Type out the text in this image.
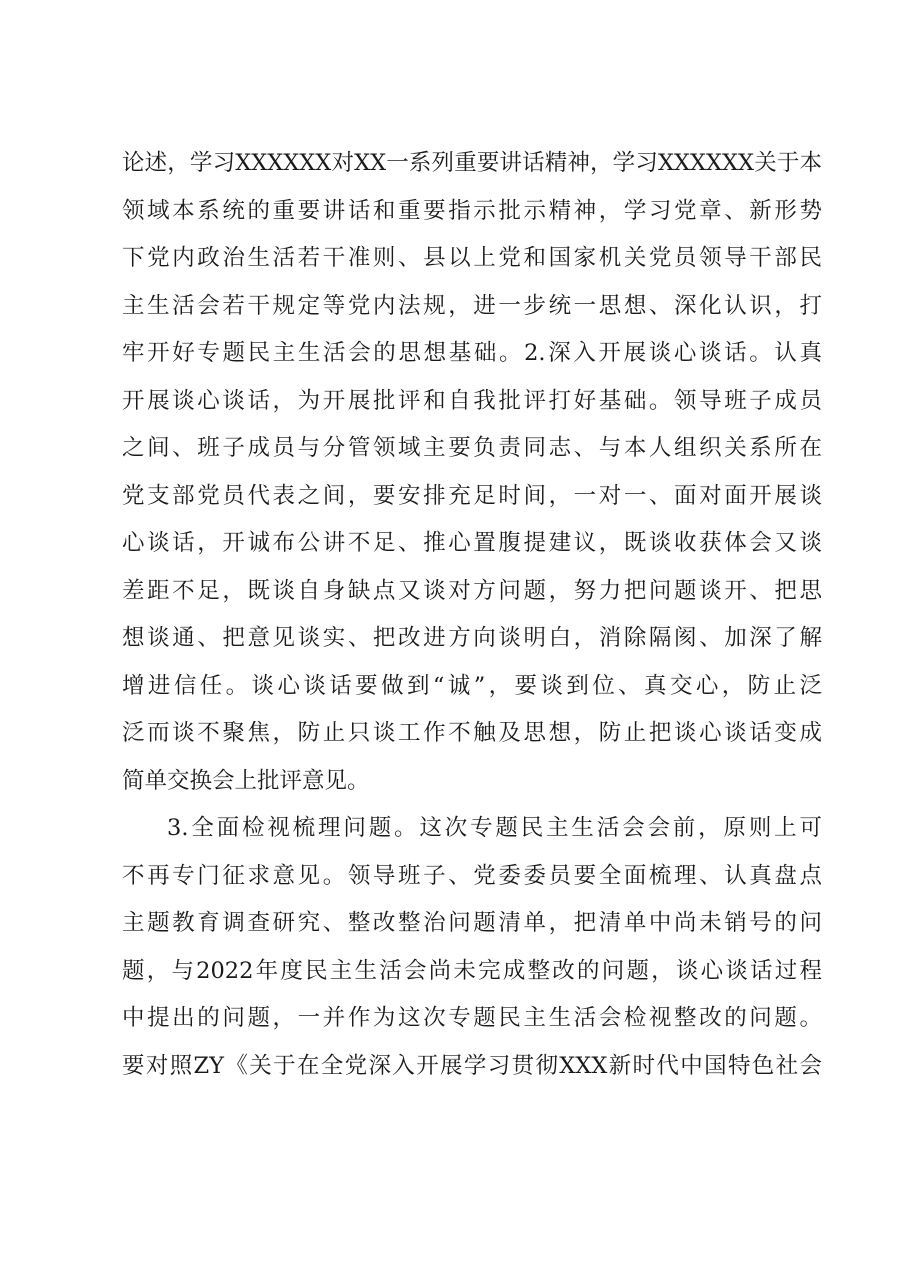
论述，学习XXXXXX对XX一系列重要讲话精神，学习XXXXXX关于本
领域本系统的重要讲话和重要指示批示精神，学习党章、新形势
下党内政治生活若干准则、县以上党和国家机关党员领导干部民
主生活会若干规定等党内法规，进一步统一思想、深化认识，打
牢开好专题民主生活会的思想基础。2.深入开展谈心谈话。认真
开展谈心谈话，为开展批评和自我批评打好基础。领导班子成员
之间、班子成员与分管领域主要负责同志、与本人组织关系所在
党支部党员代表之间，要安排充足时间，一对一、面对面开展谈
心谈话，开诚布公讲不足、推心置腹提建议，既谈收获体会又谈
差距不足，既谈自身缺点又谈对方问题，努力把问题谈开、把思
想谈通、把意见谈实、把改进方向谈明白，消除隔阂、加深了解
增进信任。谈心谈话要做到“诚”，要谈到位、真交心，防止泛
泛而谈不聚焦，防止只谈工作不触及思想，防止把谈心谈话变成
简单交换会上批评意见。
3.全面检视梳理问题。这次专题民主生活会会前，原则上可
不再专门征求意见。领导班子、党委委员要全面梳理、认真盘点
主题教育调查研究、整改整治问题清单，把清单中尚未销号的问
题，与2022年度民主生活会尚未完成整改的问题，谈心谈话过程
中提出的问题，一并作为这次专题民主生活会检视整改的问题。
要对照ZY《关于在全党深入开展学习贯彻XXX新时代中国特色社会
